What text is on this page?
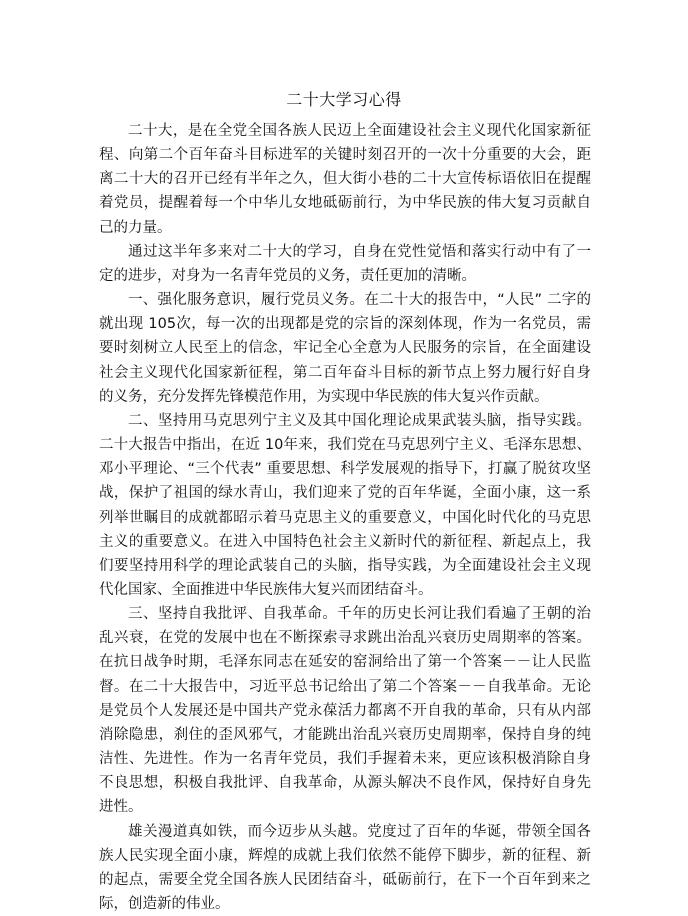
二十大学习心得

二十大，是在全党全国各族人民迈上全面建设社会主义现代化国家新征程、向第二个百年奋斗目标进军的关键时刻召开的一次十分重要的大会，距离二十大的召开已经有半年之久，但大街小巷的二十大宣传标语依旧在提醒着党员，提醒着每一个中华儿女地砥砺前行，为中华民族的伟大复习贡献自己的力量。

通过这半年多来对二十大的学习，自身在党性觉悟和落实行动中有了一定的进步，对身为一名青年党员的义务，责任更加的清晰。

一、强化服务意识，履行党员义务。在二十大的报告中，“人民” 二字的就出现 105次，每一次的出现都是党的宗旨的深刻体现，作为一名党员，需要时刻树立人民至上的信念，牢记全心全意为人民服务的宗旨，在全面建设社会主义现代化国家新征程，第二百年奋斗目标的新节点上努力履行好自身的义务，充分发挥先锋模范作用，为实现中华民族的伟大复兴作贡献。

二、坚持用马克思列宁主义及其中国化理论成果武装头脑，指导实践。二十大报告中指出，在近 10年来，我们党在马克思列宁主义、毛泽东思想、邓小平理论、“三个代表” 重要思想、科学发展观的指导下，打赢了脱贫攻坚战，保护了祖国的绿水青山，我们迎来了党的百年华诞，全面小康，这一系列举世瞩目的成就都昭示着马克思主义的重要意义，中国化时代化的马克思主义的重要意义。在进入中国特色社会主义新时代的新征程、新起点上，我们要坚持用科学的理论武装自己的头脑，指导实践，为全面建设社会主义现代化国家、全面推进中华民族伟大复兴而团结奋斗。

三、坚持自我批评、自我革命。千年的历史长河让我们看遍了王朝的治乱兴衰，在党的发展中也在不断探索寻求跳出治乱兴衰历史周期率的答案。在抗日战争时期，毛泽东同志在延安的窑洞给出了第一个答案－－让人民监督。在二十大报告中，习近平总书记给出了第二个答案－－自我革命。无论是党员个人发展还是中国共产党永葆活力都离不开自我的革命，只有从内部消除隐患，刹住的歪风邪气，才能跳出治乱兴衰历史周期率，保持自身的纯洁性、先进性。作为一名青年党员，我们手握着未来，更应该积极消除自身不良思想，积极自我批评、自我革命，从源头解决不良作风，保持好自身先进性。

雄关漫道真如铁，而今迈步从头越。党度过了百年的华诞，带领全国各族人民实现全面小康，辉煌的成就上我们依然不能停下脚步，新的征程、新的起点，需要全党全国各族人民团结奋斗，砥砺前行，在下一个百年到来之际，创造新的伟业。
